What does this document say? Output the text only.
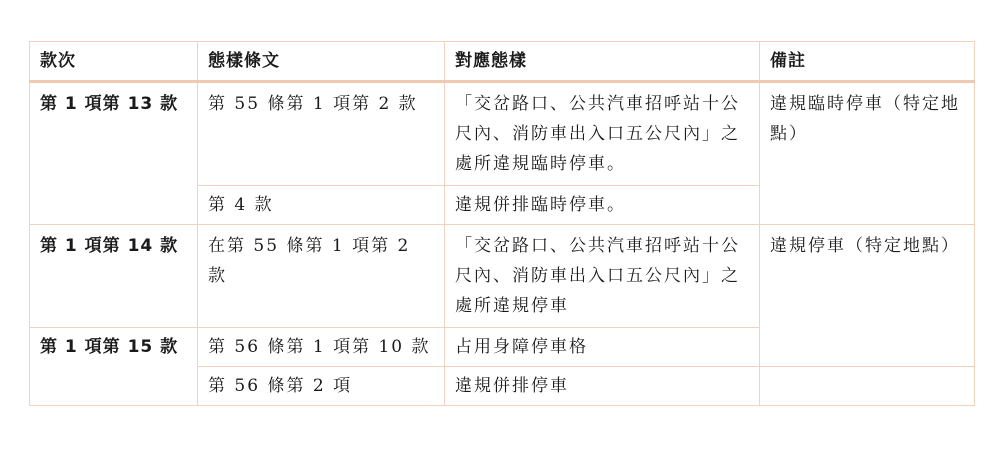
款次	態樣條文	對應態樣	備註
第 1 項第 13 款	第 55 條第 1 項第 2 款	「交岔路口、公共汽車招呼站十公尺內、消防車出入口五公尺內」之處所違規臨時停車。	違規臨時停車（特定地點）
	第 4 款	違規併排臨時停車。	
第 1 項第 14 款	在第 55 條第 1 項第 2 款	「交岔路口、公共汽車招呼站十公尺內、消防車出入口五公尺內」之處所違規停車	違規停車（特定地點）
第 1 項第 15 款	第 56 條第 1 項第 10 款	占用身障停車格	
	第 56 條第 2 項	違規併排停車	
